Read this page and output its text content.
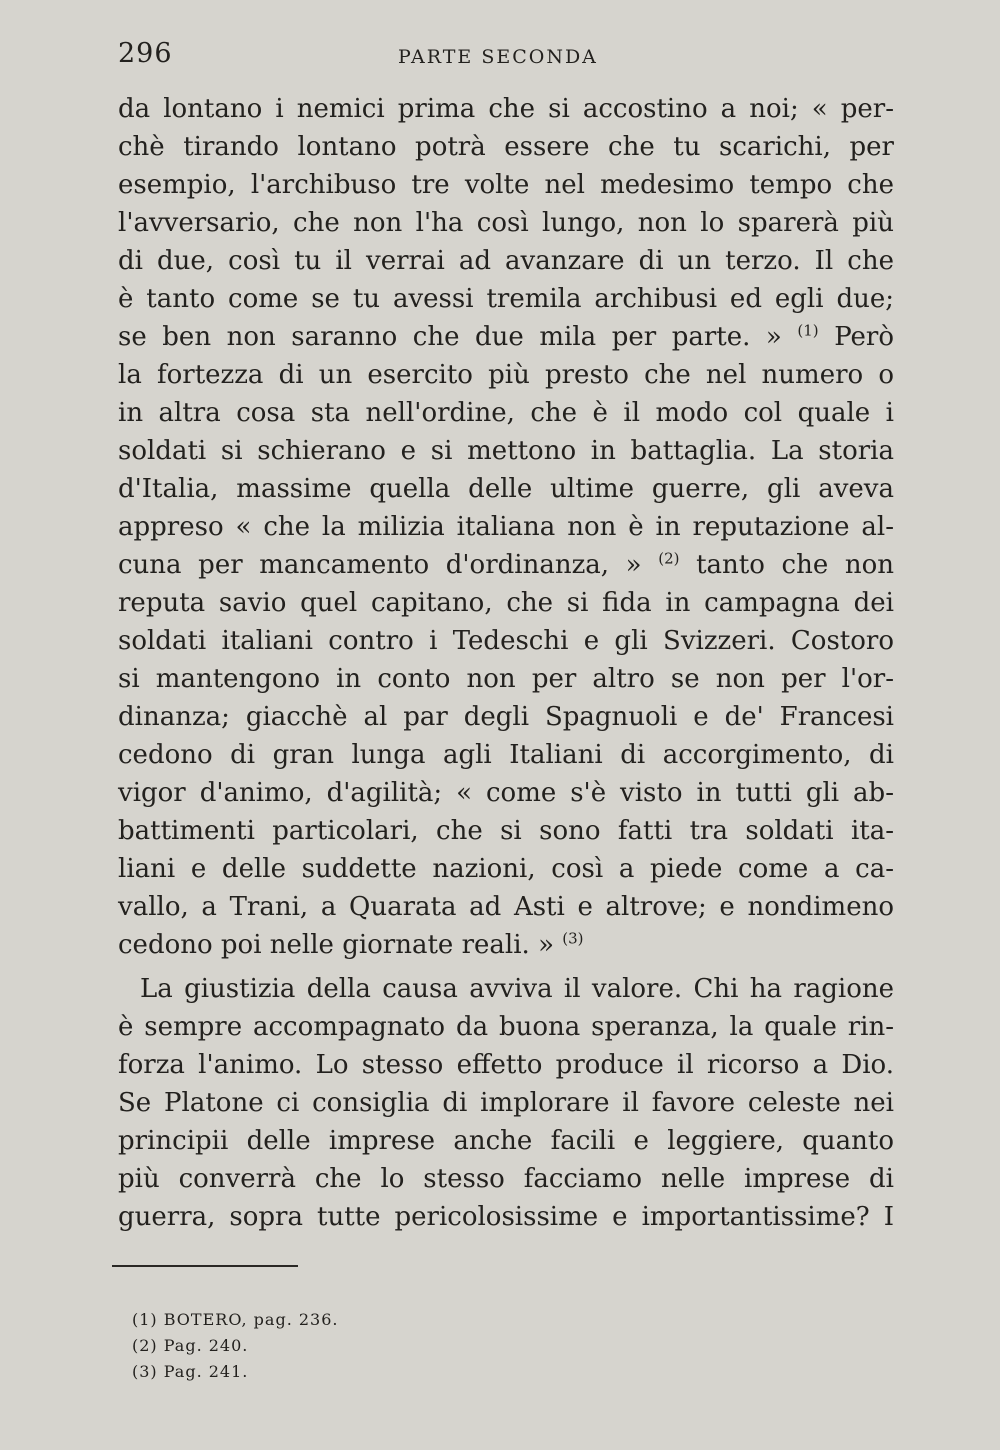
296	PARTE SECONDA
da lontano i nemici prima che si accostino a noi; « per-
chè tirando lontano potrà essere che tu scarichi, per
esempio, l'archibuso tre volte nel medesimo tempo che
l'avversario, che non l'ha così lungo, non lo sparerà più
di due, così tu il verrai ad avanzare di un terzo. Il che
è tanto come se tu avessi tremila archibusi ed egli due;
se ben non saranno che due mila per parte. » $^{(1)}$ Però
la fortezza di un esercito più presto che nel numero o
in altra cosa sta nell'ordine, che è il modo col quale i
soldati si schierano e si mettono in battaglia. La storia
d'Italia, massime quella delle ultime guerre, gli aveva
appreso « che la milizia italiana non è in reputazione al-
cuna per mancamento d'ordinanza, » $^{(2)}$ tanto che non
reputa savio quel capitano, che si fida in campagna dei
soldati italiani contro i Tedeschi e gli Svizzeri. Costoro
si mantengono in conto non per altro se non per l'or-
dinanza; giacchè al par degli Spagnuoli e de' Francesi
cedono di gran lunga agli Italiani di accorgimento, di
vigor d'animo, d'agilità; « come s'è visto in tutti gli ab-
battimenti particolari, che si sono fatti tra soldati ita-
liani e delle suddette nazioni, così a piede come a ca-
vallo, a Trani, a Quarata ad Asti e altrove; e nondimeno
cedono poi nelle giornate reali. » $^{(3)}$
La giustizia della causa avviva il valore. Chi ha ragione
è sempre accompagnato da buona speranza, la quale rin-
forza l'animo. Lo stesso effetto produce il ricorso a Dio.
Se Platone ci consiglia di implorare il favore celeste nei
principii delle imprese anche facili e leggiere, quanto
più converrà che lo stesso facciamo nelle imprese di
guerra, sopra tutte pericolosissime e importantissime? I
(1) BOTERO, pag. 236.
(2) Pag. 240.
(3) Pag. 241.
